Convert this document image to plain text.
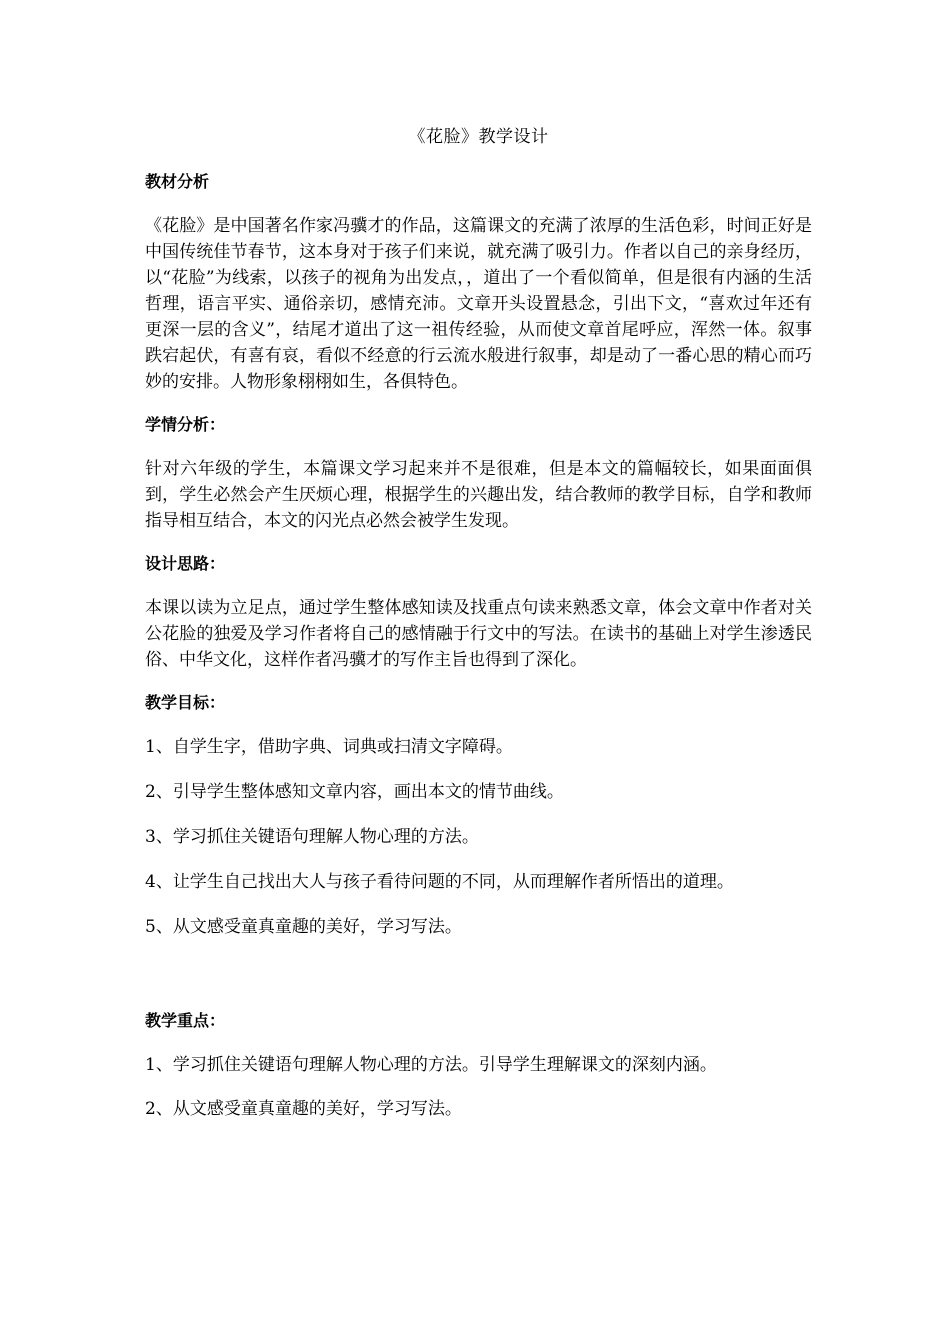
《花脸》教学设计
教材分析
《花脸》是中国著名作家冯骥才的作品，这篇课文的充满了浓厚的生活色彩，时间正好是中国传统佳节春节，这本身对于孩子们来说，就充满了吸引力。作者以自己的亲身经历，以“花脸”为线索，以孩子的视角为出发点，，道出了一个看似简单，但是很有内涵的生活哲理，语言平实、通俗亲切，感情充沛。文章开头设置悬念，引出下文，“喜欢过年还有更深一层的含义”，结尾才道出了这一祖传经验，从而使文章首尾呼应，浑然一体。叙事跌宕起伏，有喜有哀，看似不经意的行云流水般进行叙事，却是动了一番心思的精心而巧妙的安排。人物形象栩栩如生，各俱特色。
学情分析：
针对六年级的学生，本篇课文学习起来并不是很难，但是本文的篇幅较长，如果面面俱到，学生必然会产生厌烦心理，根据学生的兴趣出发，结合教师的教学目标，自学和教师指导相互结合，本文的闪光点必然会被学生发现。
设计思路：
本课以读为立足点，通过学生整体感知读及找重点句读来熟悉文章，体会文章中作者对关公花脸的独爱及学习作者将自己的感情融于行文中的写法。在读书的基础上对学生渗透民俗、中华文化，这样作者冯骥才的写作主旨也得到了深化。
教学目标：
1、自学生字，借助字典、词典或扫清文字障碍。
2、引导学生整体感知文章内容，画出本文的情节曲线。
3、学习抓住关键语句理解人物心理的方法。
4、让学生自己找出大人与孩子看待问题的不同，从而理解作者所悟出的道理。
5、从文感受童真童趣的美好，学习写法。
教学重点：
1、学习抓住关键语句理解人物心理的方法。引导学生理解课文的深刻内涵。
2、从文感受童真童趣的美好，学习写法。
